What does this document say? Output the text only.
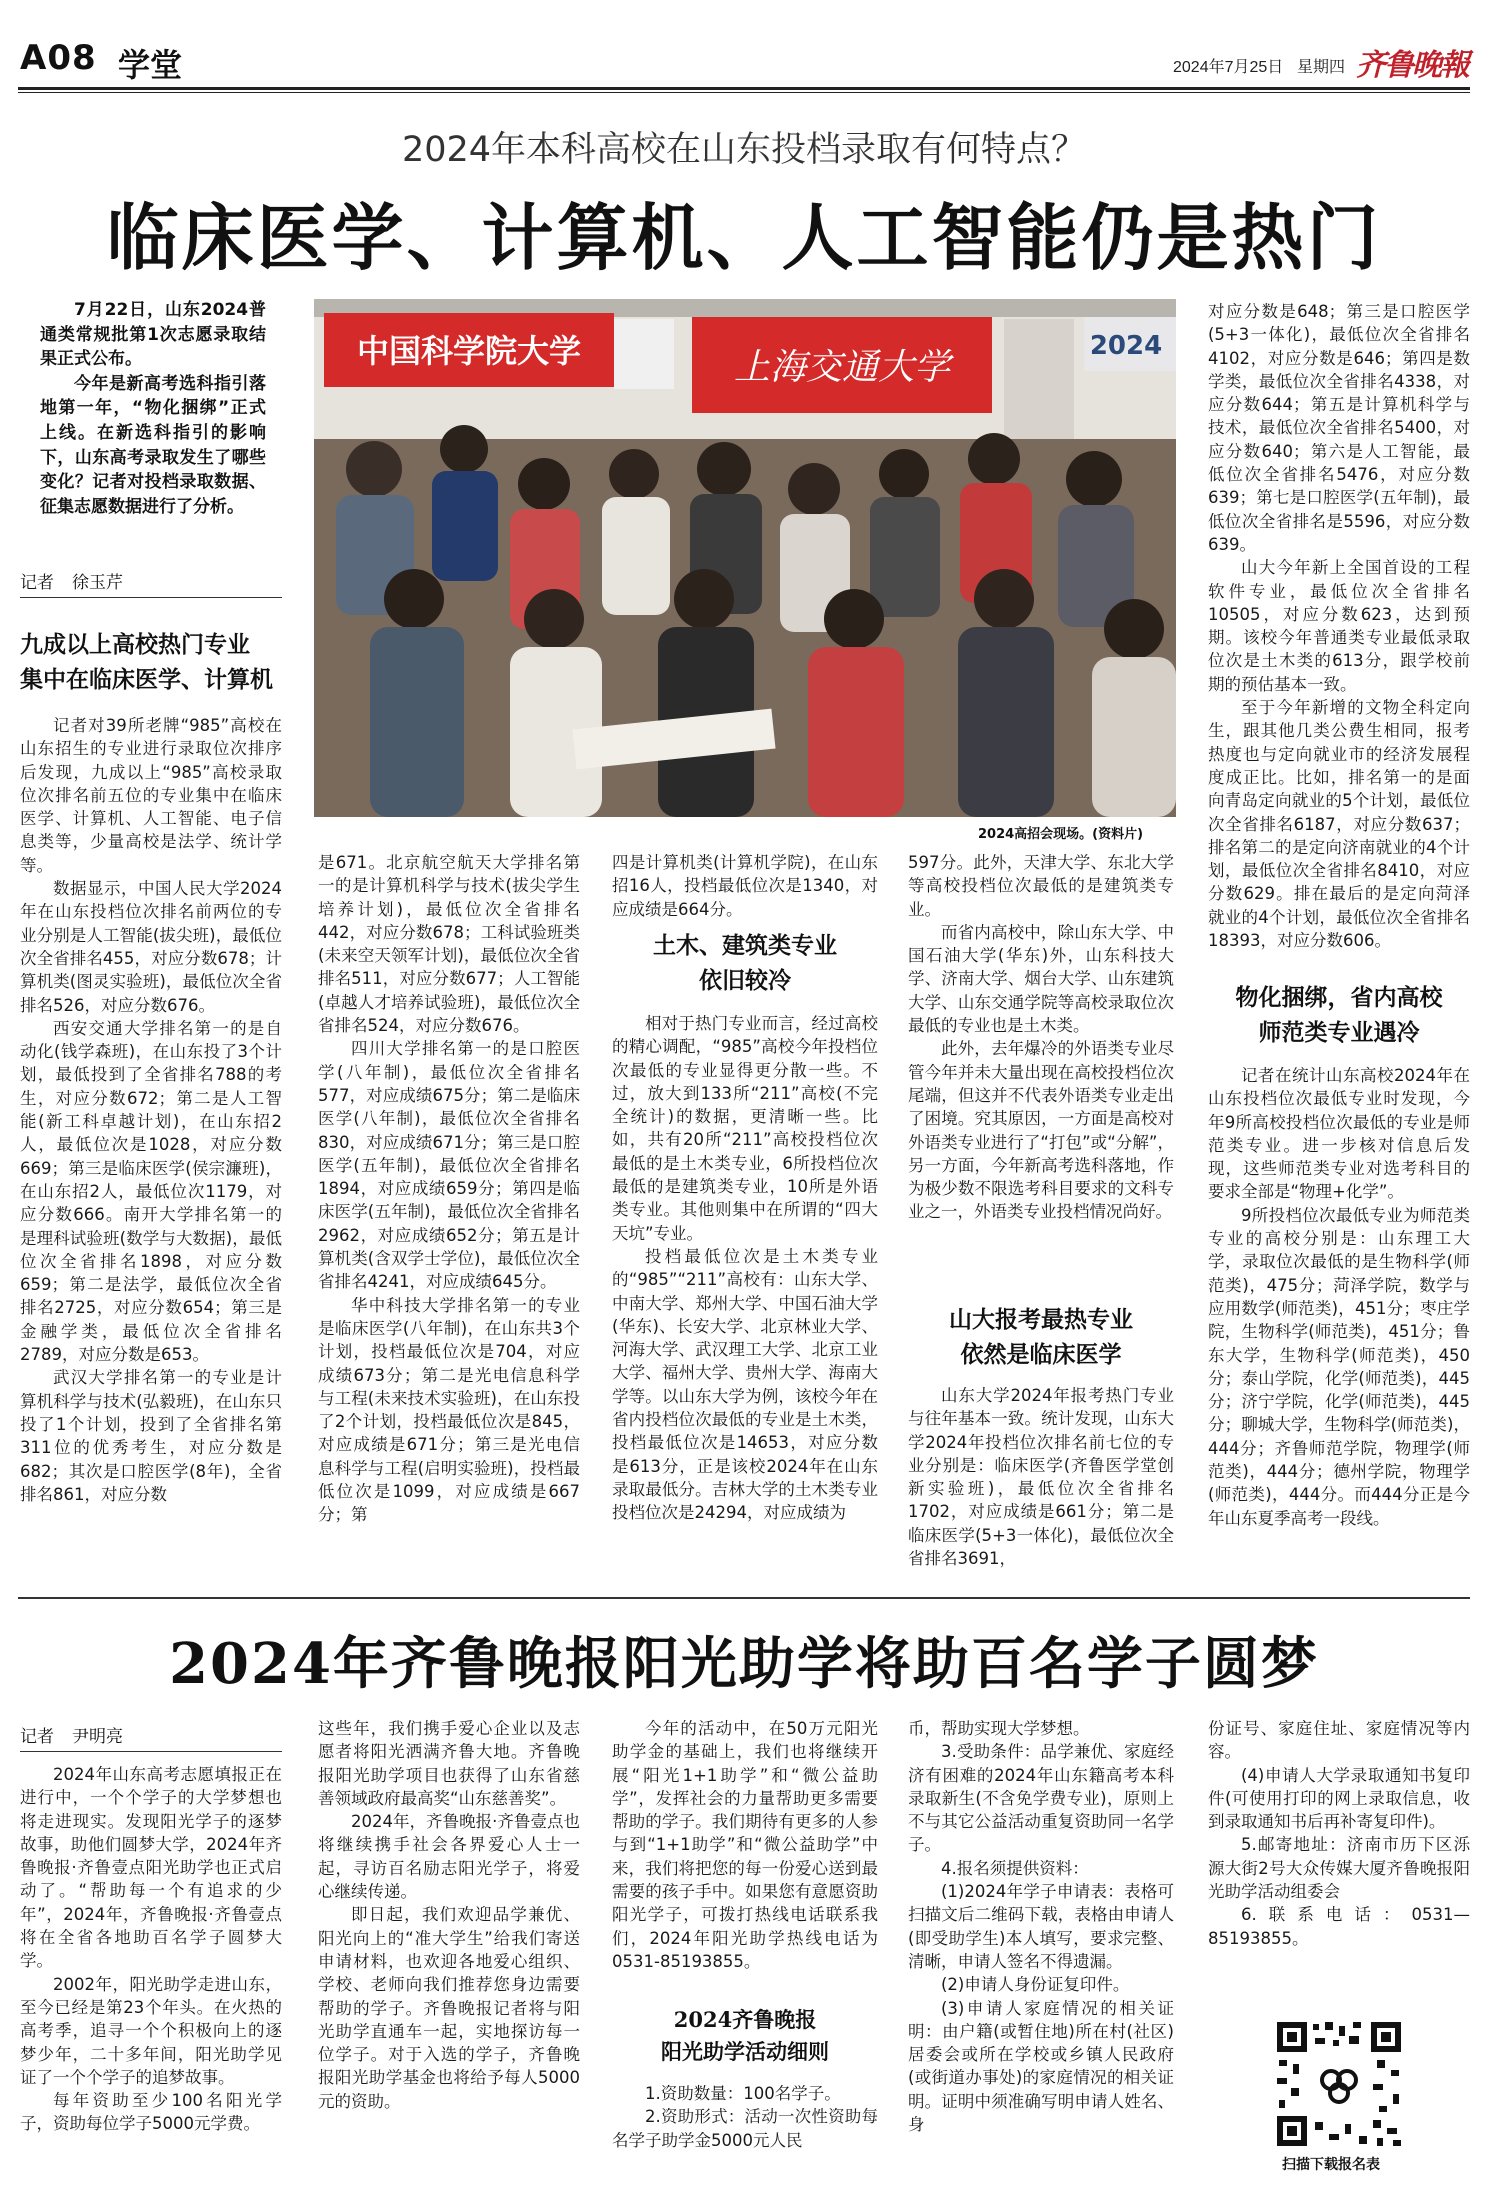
A08 学堂	2024年7月25日 星期四 齐鲁晚報
2024年本科高校在山东投档录取有何特点？
临床医学、计算机、人工智能仍是热门

7月22日，山东2024普通类常规批第1次志愿录取结果正式公布。

今年是新高考选科指引落地第一年，“物化捆绑”正式上线。在新选科指引的影响下，山东高考录取发生了哪些变化？记者对投档录取数据、征集志愿数据进行了分析。

记者 徐玉芹
九成以上高校热门专业
集中在临床医学、计算机
中国科学院大学	上海交通大学
2024
2024高招会现场。(资料片)

记者对39所老牌“985”高校在山东招生的专业进行录取位次排序后发现，九成以上“985”高校录取位次排名前五位的专业集中在临床医学、计算机、人工智能、电子信息类等，少量高校是法学、统计学等。

数据显示，中国人民大学2024年在山东投档位次排名前两位的专业分别是人工智能(拔尖班)，最低位次全省排名455，对应分数678；计算机类(图灵实验班)，最低位次全省排名526，对应分数676。

西安交通大学排名第一的是自动化(钱学森班)，在山东投了3个计划，最低投到了全省排名788的考生，对应分数672；第二是人工智能(新工科卓越计划)，在山东招2人，最低位次是1028，对应分数669；第三是临床医学(侯宗濂班)，在山东招2人，最低位次1179，对应分数666。南开大学排名第一的是理科试验班(数学与大数据)，最低位次全省排名1898，对应分数659；第二是法学，最低位次全省排名2725，对应分数654；第三是金融学类，最低位次全省排名2789，对应分数是653。

武汉大学排名第一的专业是计算机科学与技术(弘毅班)，在山东只投了1个计划，投到了全省排名第311位的优秀考生，对应分数是682；其次是口腔医学(8年)，全省排名861，对应分数

是671。北京航空航天大学排名第一的是计算机科学与技术(拔尖学生培养计划)，最低位次全省排名442，对应分数678；工科试验班类(未来空天领军计划)，最低位次全省排名511，对应分数677；人工智能(卓越人才培养试验班)，最低位次全省排名524，对应分数676。

四川大学排名第一的是口腔医学(八年制)，最低位次全省排名577，对应成绩675分；第二是临床医学(八年制)，最低位次全省排名830，对应成绩671分；第三是口腔医学(五年制)，最低位次全省排名1894，对应成绩659分；第四是临床医学(五年制)，最低位次全省排名2962，对应成绩652分；第五是计算机类(含双学士学位)，最低位次全省排名4241，对应成绩645分。

华中科技大学排名第一的专业是临床医学(八年制)，在山东共3个计划，投档最低位次是704，对应成绩673分；第二是光电信息科学与工程(未来技术实验班)，在山东投了2个计划，投档最低位次是845，对应成绩是671分；第三是光电信息科学与工程(启明实验班)，投档最低位次是1099，对应成绩是667分；第

四是计算机类(计算机学院)，在山东招16人，投档最低位次是1340，对应成绩是664分。

土木、建筑类专业
依旧较冷

相对于热门专业而言，经过高校的精心调配，“985”高校今年投档位次最低的专业显得更分散一些。不过，放大到133所“211”高校(不完全统计)的数据，更清晰一些。比如，共有20所“211”高校投档位次最低的是土木类专业，6所投档位次最低的是建筑类专业，10所是外语类专业。其他则集中在所谓的“四大天坑”专业。

投档最低位次是土木类专业的“985”“211”高校有：山东大学、中南大学、郑州大学、中国石油大学(华东)、长安大学、北京林业大学、河海大学、武汉理工大学、北京工业大学、福州大学、贵州大学、海南大学等。以山东大学为例，该校今年在省内投档位次最低的专业是土木类，投档最低位次是14653，对应分数是613分，正是该校2024年在山东录取最低分。吉林大学的土木类专业投档位次是24294，对应成绩为

597分。此外，天津大学、东北大学等高校投档位次最低的是建筑类专业。

而省内高校中，除山东大学、中国石油大学(华东)外，山东科技大学、济南大学、烟台大学、山东建筑大学、山东交通学院等高校录取位次最低的专业也是土木类。

此外，去年爆冷的外语类专业尽管今年并未大量出现在高校投档位次尾端，但这并不代表外语类专业走出了困境。究其原因，一方面是高校对外语类专业进行了“打包”或“分解”，另一方面，今年新高考选科落地，作为极少数不限选考科目要求的文科专业之一，外语类专业投档情况尚好。

山大报考最热专业
依然是临床医学

山东大学2024年报考热门专业与往年基本一致。统计发现，山东大学2024年投档位次排名前七位的专业分别是：临床医学(齐鲁医学堂创新实验班)，最低位次全省排名1702，对应成绩是661分；第二是临床医学(5+3一体化)，最低位次全省排名3691，

对应分数是648；第三是口腔医学(5+3一体化)，最低位次全省排名4102，对应分数是646；第四是数学类，最低位次全省排名4338，对应分数644；第五是计算机科学与技术，最低位次全省排名5400，对应分数640；第六是人工智能，最低位次全省排名5476，对应分数639；第七是口腔医学(五年制)，最低位次全省排名是5596，对应分数639。

山大今年新上全国首设的工程软件专业，最低位次全省排名10505，对应分数623，达到预期。该校今年普通类专业最低录取位次是土木类的613分，跟学校前期的预估基本一致。

至于今年新增的文物全科定向生，跟其他几类公费生相同，报考热度也与定向就业市的经济发展程度成正比。比如，排名第一的是面向青岛定向就业的5个计划，最低位次全省排名6187，对应分数637；排名第二的是定向济南就业的4个计划，最低位次全省排名8410，对应分数629。排在最后的是定向菏泽就业的4个计划，最低位次全省排名18393，对应分数606。

物化捆绑，省内高校
师范类专业遇冷

记者在统计山东高校2024年在山东投档位次最低专业时发现，今年9所高校投档位次最低的专业是师范类专业。进一步核对信息后发现，这些师范类专业对选考科目的要求全部是“物理+化学”。

9所投档位次最低专业为师范类专业的高校分别是：山东理工大学，录取位次最低的是生物科学(师范类)，475分；菏泽学院，数学与应用数学(师范类)，451分；枣庄学院，生物科学(师范类)，451分；鲁东大学，生物科学(师范类)，450分；泰山学院，化学(师范类)，445分；济宁学院，化学(师范类)，445分；聊城大学，生物科学(师范类)，444分；齐鲁师范学院，物理学(师范类)，444分；德州学院，物理学(师范类)，444分。而444分正是今年山东夏季高考一段线。

2024年齐鲁晚报阳光助学将助百名学子圆梦
记者 尹明亮

2024年山东高考志愿填报正在进行中，一个个学子的大学梦想也将走进现实。发现阳光学子的逐梦故事，助他们圆梦大学，2024年齐鲁晚报·齐鲁壹点阳光助学也正式启动了。“帮助每一个有追求的少年”，2024年，齐鲁晚报·齐鲁壹点将在全省各地助百名学子圆梦大学。

2002年，阳光助学走进山东，至今已经是第23个年头。在火热的高考季，追寻一个个积极向上的逐梦少年，二十多年间，阳光助学见证了一个个学子的追梦故事。

每年资助至少100名阳光学子，资助每位学子5000元学费。

这些年，我们携手爱心企业以及志愿者将阳光洒满齐鲁大地。齐鲁晚报阳光助学项目也获得了山东省慈善领域政府最高奖“山东慈善奖”。

2024年，齐鲁晚报·齐鲁壹点也将继续携手社会各界爱心人士一起，寻访百名励志阳光学子，将爱心继续传递。

即日起，我们欢迎品学兼优、阳光向上的“准大学生”给我们寄送申请材料，也欢迎各地爱心组织、学校、老师向我们推荐您身边需要帮助的学子。齐鲁晚报记者将与阳光助学直通车一起，实地探访每一位学子。对于入选的学子，齐鲁晚报阳光助学基金也将给予每人5000元的资助。

今年的活动中，在50万元阳光助学金的基础上，我们也将继续开展“阳光1+1助学”和“微公益助学”，发挥社会的力量帮助更多需要帮助的学子。我们期待有更多的人参与到“1+1助学”和“微公益助学”中来，我们将把您的每一份爱心送到最需要的孩子手中。如果您有意愿资助阳光学子，可拨打热线电话联系我们，2024年阳光助学热线电话为0531-85193855。

2024齐鲁晚报
阳光助学活动细则

1.资助数量：100名学子。

2.资助形式：活动一次性资助每名学子助学金5000元人民

币，帮助实现大学梦想。

3.受助条件：品学兼优、家庭经济有困难的2024年山东籍高考本科录取新生(不含免学费专业)，原则上不与其它公益活动重复资助同一名学子。

4.报名须提供资料：

(1)2024年学子申请表：表格可扫描文后二维码下载，表格由申请人(即受助学生)本人填写，要求完整、清晰，申请人签名不得遗漏。

(2)申请人身份证复印件。

(3)申请人家庭情况的相关证明：由户籍(或暂住地)所在村(社区)居委会或所在学校或乡镇人民政府(或街道办事处)的家庭情况的相关证明。证明中须准确写明申请人姓名、身

份证号、家庭住址、家庭情况等内容。

(4)申请人大学录取通知书复印件(可使用打印的网上录取信息，收到录取通知书后再补寄复印件)。

5.邮寄地址：济南市历下区泺源大街2号大众传媒大厦齐鲁晚报阳光助学活动组委会

6.联系电话：0531—85193855。

扫描下载报名表
